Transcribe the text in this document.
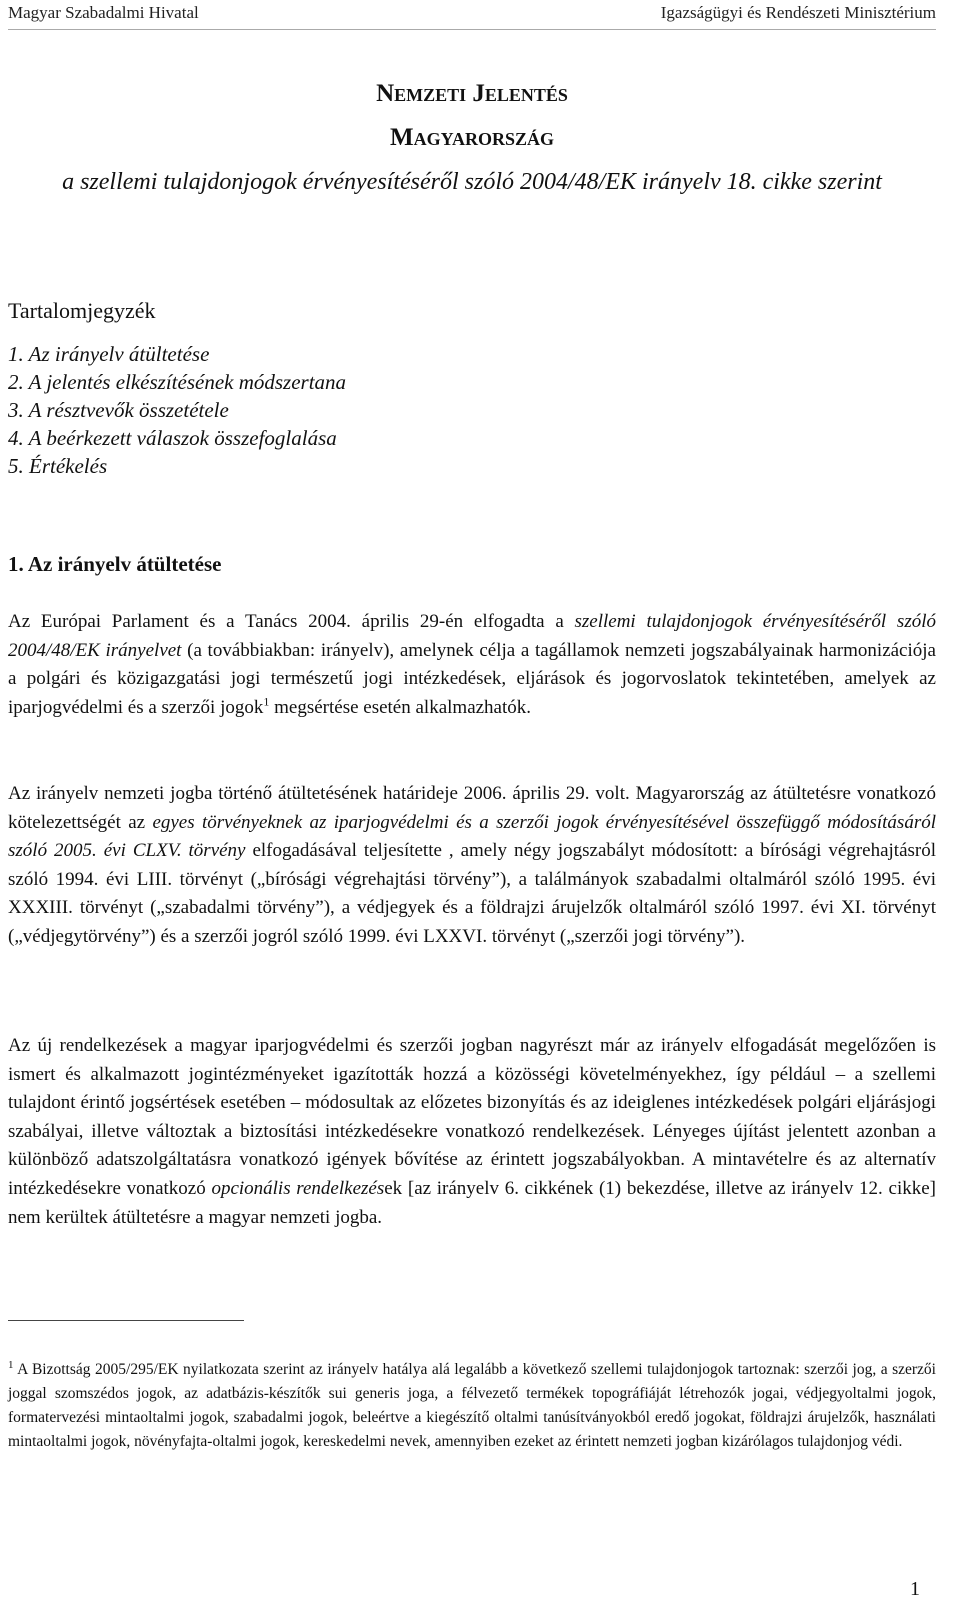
Magyar Szabadalmi Hivatal	Igazságügyi és Rendészeti Minisztérium

Nemzeti Jelentés

Magyarország

a szellemi tulajdonjogok érvényesítéséről szóló 2004/48/EK irányelv 18. cikke szerint

Tartalomjegyzék
1. Az irányelv átültetése
2. A jelentés elkészítésének módszertana
3. A résztvevők összetétele
4. A beérkezett válaszok összefoglalása
5. Értékelés
1. Az irányelv átültetése

Az Európai Parlament és a Tanács 2004. április 29-én elfogadta a szellemi tulajdonjogok érvényesítéséről szóló 2004/48/EK irányelvet (a továbbiakban: irányelv), amelynek célja a tagállamok nemzeti jogszabályainak harmonizációja a polgári és közigazgatási jogi természetű jogi intézkedések, eljárások és jogorvoslatok tekintetében, amelyek az iparjogvédelmi és a szerzői jogok$^1$ megsértése esetén alkalmazhatók.

Az irányelv nemzeti jogba történő átültetésének határideje 2006. április 29. volt. Magyarország az átültetésre vonatkozó kötelezettségét az egyes törvényeknek az iparjogvédelmi és a szerzői jogok érvényesítésével összefüggő módosításáról szóló 2005. évi CLXV. törvény elfogadásával teljesítette , amely négy jogszabályt módosított: a bírósági végrehajtásról szóló 1994. évi LIII. törvényt („bírósági végrehajtási törvény”), a találmányok szabadalmi oltalmáról szóló 1995. évi XXXIII. törvényt („szabadalmi törvény”), a védjegyek és a földrajzi árujelzők oltalmáról szóló 1997. évi XI. törvényt („védjegytörvény”) és a szerzői jogról szóló 1999. évi LXXVI. törvényt („szerzői jogi törvény”).

Az új rendelkezések a magyar iparjogvédelmi és szerzői jogban nagyrészt már az irányelv elfogadását megelőzően is ismert és alkalmazott jogintézményeket igazították hozzá a közösségi követelményekhez, így például – a szellemi tulajdont érintő jogsértések esetében – módosultak az előzetes bizonyítás és az ideiglenes intézkedések polgári eljárásjogi szabályai, illetve változtak a biztosítási intézkedésekre vonatkozó rendelkezések. Lényeges újítást jelentett azonban a különböző adatszolgáltatásra vonatkozó igények bővítése az érintett jogszabályokban. A mintavételre és az alternatív intézkedésekre vonatkozó opcionális rendelkezések [az irányelv 6. cikkének (1) bekezdése, illetve az irányelv 12. cikke] nem kerültek átültetésre a magyar nemzeti jogba.

$^1$ A Bizottság 2005/295/EK nyilatkozata szerint az irányelv hatálya alá legalább a következő szellemi tulajdonjogok tartoznak: szerzői jog, a szerzői joggal szomszédos jogok, az adatbázis-készítők sui generis joga, a félvezető termékek topográfiáját létrehozók jogai, védjegyoltalmi jogok, formatervezési mintaoltalmi jogok, szabadalmi jogok, beleértve a kiegészítő oltalmi tanúsítványokból eredő jogokat, földrajzi árujelzők, használati mintaoltalmi jogok, növényfajta-oltalmi jogok, kereskedelmi nevek, amennyiben ezeket az érintett nemzeti jogban kizárólagos tulajdonjog védi.

1
